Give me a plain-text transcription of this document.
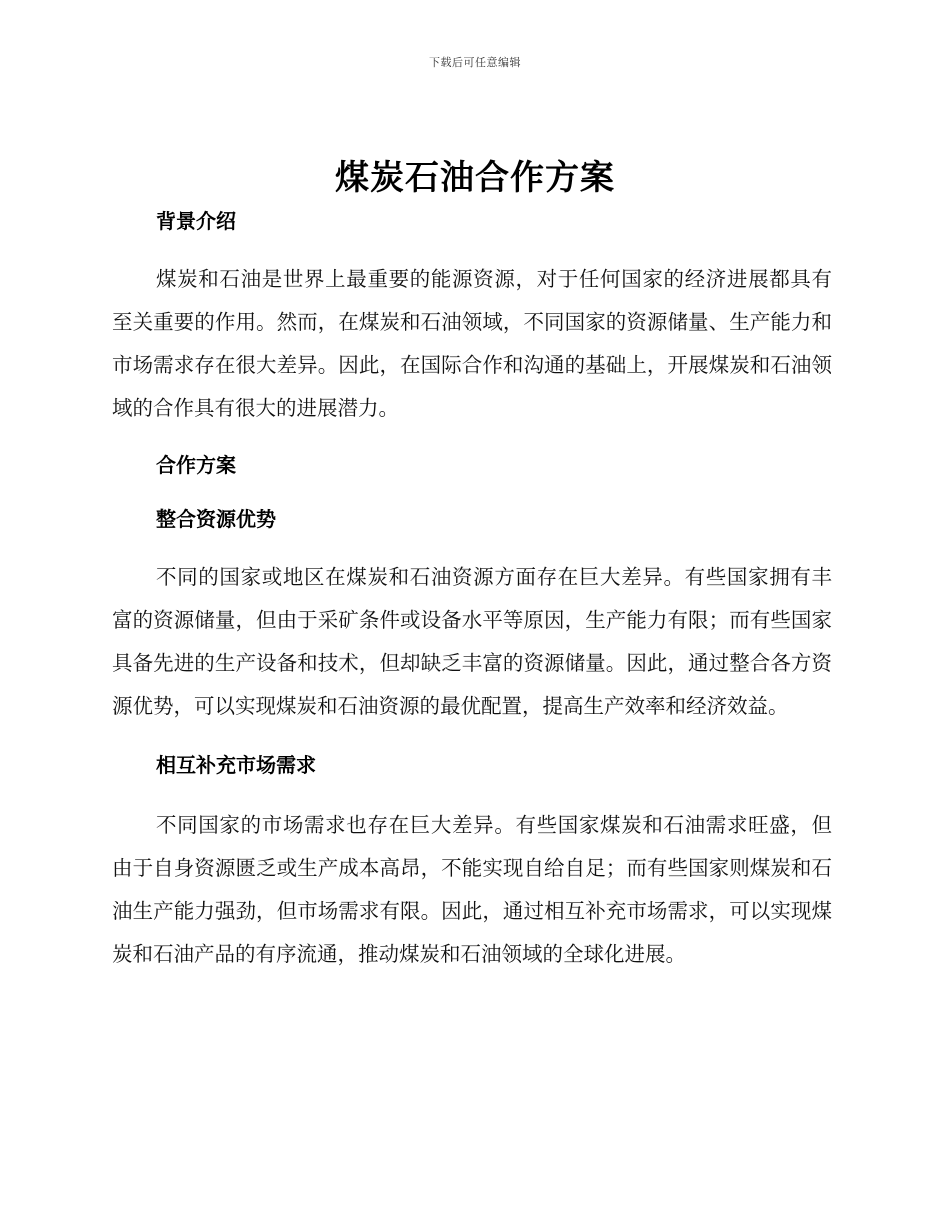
下载后可任意编辑
煤炭石油合作方案
背景介绍

煤炭和石油是世界上最重要的能源资源，对于任何国家的经济进展都具有至关重要的作用。然而，在煤炭和石油领域，不同国家的资源储量、生产能力和市场需求存在很大差异。因此，在国际合作和沟通的基础上，开展煤炭和石油领域的合作具有很大的进展潜力。

合作方案
整合资源优势

不同的国家或地区在煤炭和石油资源方面存在巨大差异。有些国家拥有丰富的资源储量，但由于采矿条件或设备水平等原因，生产能力有限；而有些国家具备先进的生产设备和技术，但却缺乏丰富的资源储量。因此，通过整合各方资源优势，可以实现煤炭和石油资源的最优配置，提高生产效率和经济效益。

相互补充市场需求

不同国家的市场需求也存在巨大差异。有些国家煤炭和石油需求旺盛，但由于自身资源匮乏或生产成本高昂，不能实现自给自足；而有些国家则煤炭和石油生产能力强劲，但市场需求有限。因此，通过相互补充市场需求，可以实现煤炭和石油产品的有序流通，推动煤炭和石油领域的全球化进展。
